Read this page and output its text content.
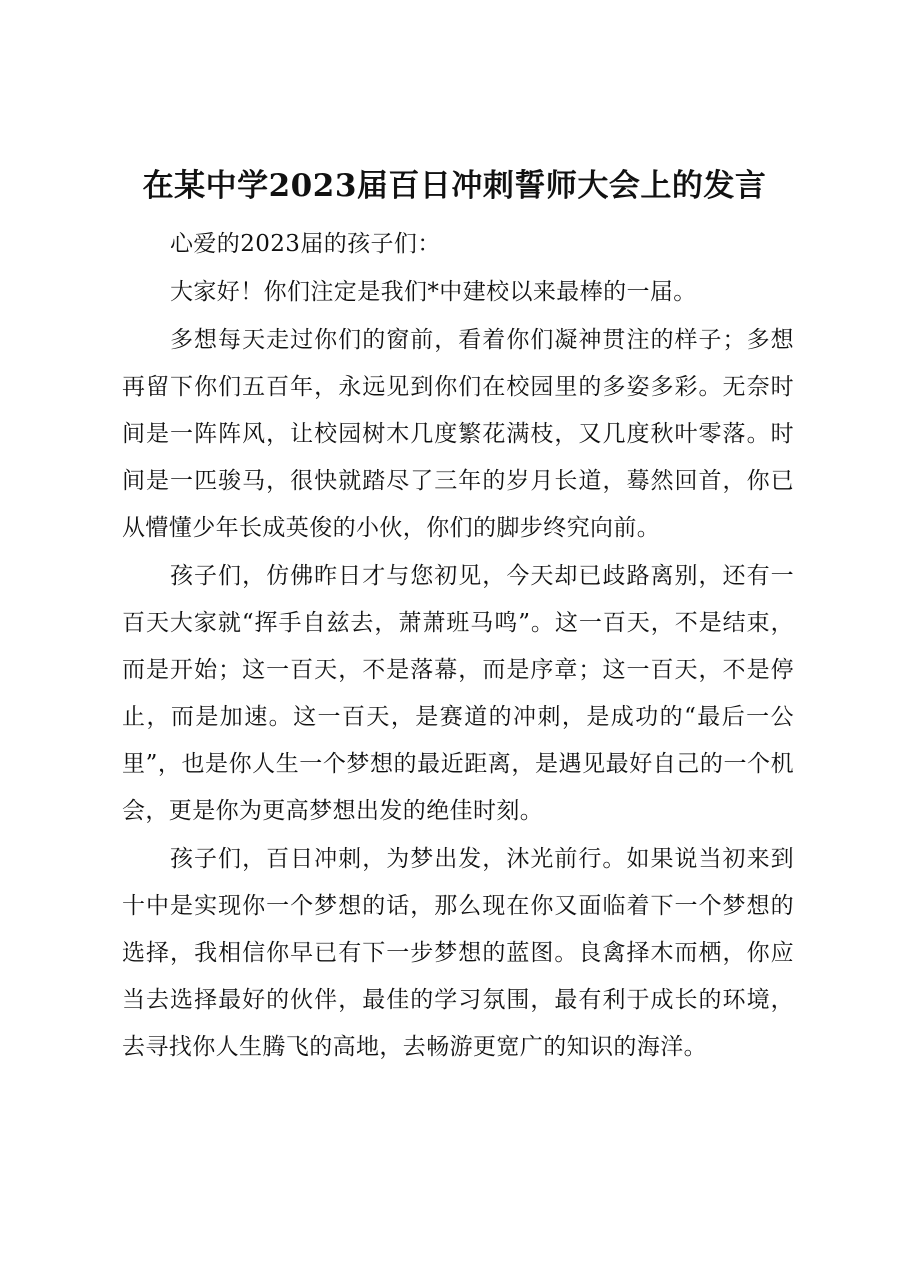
在某中学2023届百日冲刺誓师大会上的发言

心爱的2023届的孩子们：

大家好！你们注定是我们*中建校以来最棒的一届。

多想每天走过你们的窗前，看着你们凝神贯注的样子；多想再留下你们五百年，永远见到你们在校园里的多姿多彩。无奈时间是一阵阵风，让校园树木几度繁花满枝，又几度秋叶零落。时间是一匹骏马，很快就踏尽了三年的岁月长道，蓦然回首，你已从懵懂少年长成英俊的小伙，你们的脚步终究向前。

孩子们，仿佛昨日才与您初见，今天却已歧路离别，还有一百天大家就“挥手自兹去，萧萧班马鸣”。这一百天，不是结束，而是开始；这一百天，不是落幕，而是序章；这一百天，不是停止，而是加速。这一百天，是赛道的冲刺，是成功的“最后一公里”，也是你人生一个梦想的最近距离，是遇见最好自己的一个机会，更是你为更高梦想出发的绝佳时刻。

孩子们，百日冲刺，为梦出发，沐光前行。如果说当初来到十中是实现你一个梦想的话，那么现在你又面临着下一个梦想的选择，我相信你早已有下一步梦想的蓝图。良禽择木而栖，你应当去选择最好的伙伴，最佳的学习氛围，最有利于成长的环境，去寻找你人生腾飞的高地，去畅游更宽广的知识的海洋。
